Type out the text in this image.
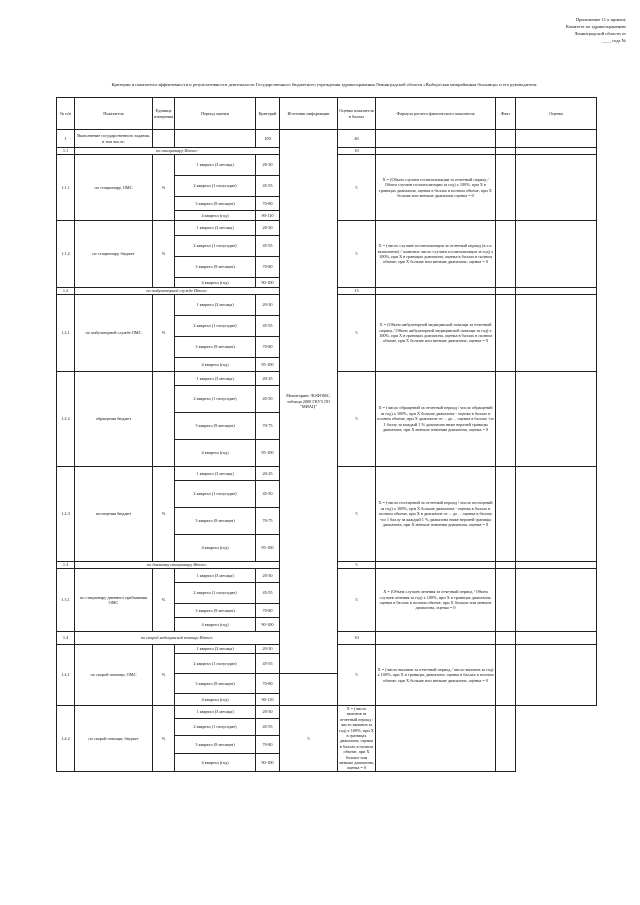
Приложение 11 к приказу
Комитета по здравоохранению
Ленинградской области от
____ года №
Критерии и показатели эффективности и результативности деятельности Государственного бюджетного учреждения здравоохранения Ленинградской области «Выборгская межрайонная больница» и его руководителя
№ п/п	Показатель	Единица измерения	Период оценки	Критерий	Источник информации	Оценка показателя в баллах	Формула расчета фактического показателя	Факт	Оценка
1	Выполнение государственного задания, в том числе:			100	Мониторинг ЛОФОМС, таблица 2000 ГКУЗ ЛО "МИАЦ"	40			
1.1	по стационару Итого:					10			
1.1.1	по стационару, ОМС	%	1 квартал (3 месяца)	20-30		5	Х = (Объем случаев госпитализации за отчетный период / Объем случаев госпитализации за год) х 100%, при Х в границах диапазона, оценка в баллах в полном объеме, при Х больше или меньше диапазона оценка = 0		
			2 квартал (1 полугодие)	45-55					
			3 квартал (9 месяцев)	70-80					
			4 квартал (год)	90-110					
1.1.2	по стационару, бюджет	%	1 квартал (3 месяца)	20-30		5	Х = (число случаев госпитализации за отчетный период (в т.ч. выполнено) / плановое число случаев госпитализации за год) х 100%, при Х в границах диапазона, оценка в баллах в полном объеме, при Х больше или меньше диапазона, оценка = 0		
			2 квартал (1 полугодие)	45-55					
			3 квартал (9 месяцев)	70-80					
			4 квартал (год)	90-100					
1.2	по амбулаторной службе Итого:					15			
1.2.1	по амбулаторной службе ОМС	%	1 квартал (3 месяца)	20-30		5	Х = (Объем амбулаторной медицинской помощи за отчетный период / Объем амбулаторной медицинской помощи за год) х 100%, при Х в границах диапазона, оценка в баллах в полном объеме, при Х больше или меньше диапазона, оценка = 0		
			2 квартал (1 полугодие)	45-55					
			3 квартал (9 месяцев)	70-80					
			4 квартал (год)	95-100					
1.2.2	обращения бюджет		1 квартал (3 месяца)	20-25		5	Х = (число обращений за отчетный период / число обращений за год) х 100%, при Х больше диапазона - оценка в баллах в полном объеме, при Х диапазоне от ... до ... оценка в баллах -по 1 баллу за каждый 1 % диапазона ниже верхней границы диапазона, при Х меньше значения диапазона, оценка = 0		
			2 квартал (1 полугодие)	45-50					
			3 квартал (9 месяцев)	70-75					
			4 квартал (год)	95-100					
1.2.3	посещения бюджет	%	1 квартал (3 месяца)	20-25		5	Х = (число посещений за отчетный период / число посещений за год) х 100%, при Х больше диапазона - оценка в баллах в полном объеме, при Х в диапазоне от ... до ... оценка в баллах -по 1 баллу за каждый 1 % диапазона ниже верхней границы диапазона, при Х меньше значения диапазона, оценка = 0		
			2 квартал (1 полугодие)	45-50					
			3 квартал (9 месяцев)	70-75					
			4 квартал (год)	95-100					
1.3	по дневному стационару Итого:					5			
1.3.1	по стационару дневного пребывания ОМС	%	1 квартал (3 месяца)	20-30		5	Х = (Объем случаев лечения за отчетный период / Объем случаев лечения за год) х 100%, при Х в границах диапазона, оценка в баллах в полном объеме, при Х больше или меньше диапазона, оценка = 0		
			2 квартал (1 полугодие)	45-55					
			3 квартал (9 месяцев)	70-80					
			4 квартал (год)	90-100					
1.4	по скорой медицинской помощи Итого:					10			
1.4.1	по скорой помощи, ОМС	%	1 квартал (3 месяца)	20-30		5	Х = (число вызовов за отчетный период / число вызовов за год) х 100%, при Х в границах диапазона, оценка в баллах в полном объеме, при Х больше или меньше диапазона, оценка = 0		
			2 квартал (1 полугодие)	45-55					
			3 квартал (9 месяцев)	70-80					
			4 квартал (год)	90-110					
1.4.2	по скорой помощи, бюджет	%	1 квартал (3 месяца)	20-30	5	Х = (число вызовов за отчетный период / число вызовов за год) х 100%, при Х в границах диапазона, оценка в баллах в полном объеме, при Х больше или меньше диапазона, оценка = 0			
			2 квартал (1 полугодие)	45-55					
			3 квартал (9 месяцев)	70-80					
			4 квартал (год)	90-100					
